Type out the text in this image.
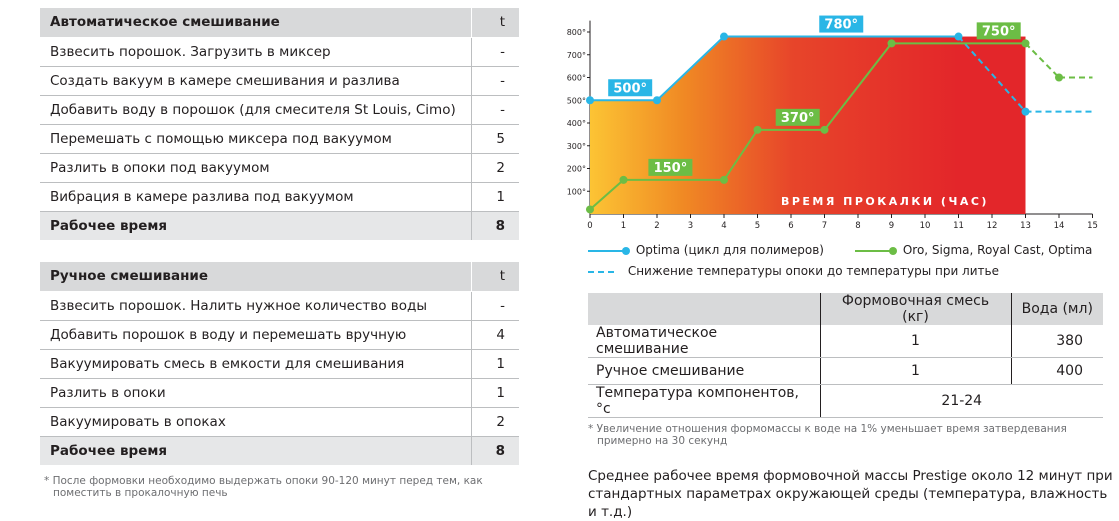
Автоматическое смешивание	t
Взвесить порошок. Загрузить в миксер	-
Создать вакуум в камере смешивания и разлива	-
Добавить воду в порошок (для смесителя St Louis, Cimo)	-
Перемешать с помощью миксера под вакуумом	5
Разлить в опоки под вакуумом	2
Вибрация в камере разлива под вакуумом	1
Рабочее время	8
Ручное смешивание	t
Взвесить порошок. Налить нужное количество воды	-
Добавить порошок в воду и перемешать вручную	4
Вакуумировать смесь в емкости для смешивания	1
Разлить в опоки	1
Вакуумировать в опоках	2
Рабочее время	8
* После формовки необходимо выдержать опоки 90-120 минут перед тем, как
поместить в прокалочную печь
0	1	2	3	4	5	6	7	8	9	10	11	12	13	14	15
100°
200°
300°
400°
500°
600°
700°
800°
500°
780°
150°
370°
750°
ВРЕМЯ ПРОКАЛКИ (ЧАС)
Optima (цикл для полимеров)	Oro, Sigma, Royal Cast, Optima
Снижение температуры опоки до температуры при литье
	Формовочная смесь (кг)	Вода (мл)
Автоматическое смешивание	1	380
Ручное смешивание	1	400
Температура компонентов, °с	21-24	
* Увеличение отношения формомассы к воде на 1% уменьшает время затвердевания
примерно на 30 секунд
Среднее рабочее время формовочной массы Prestige около 12 минут при
стандартных параметрах окружающей среды (температура, влажность и т.д.)
